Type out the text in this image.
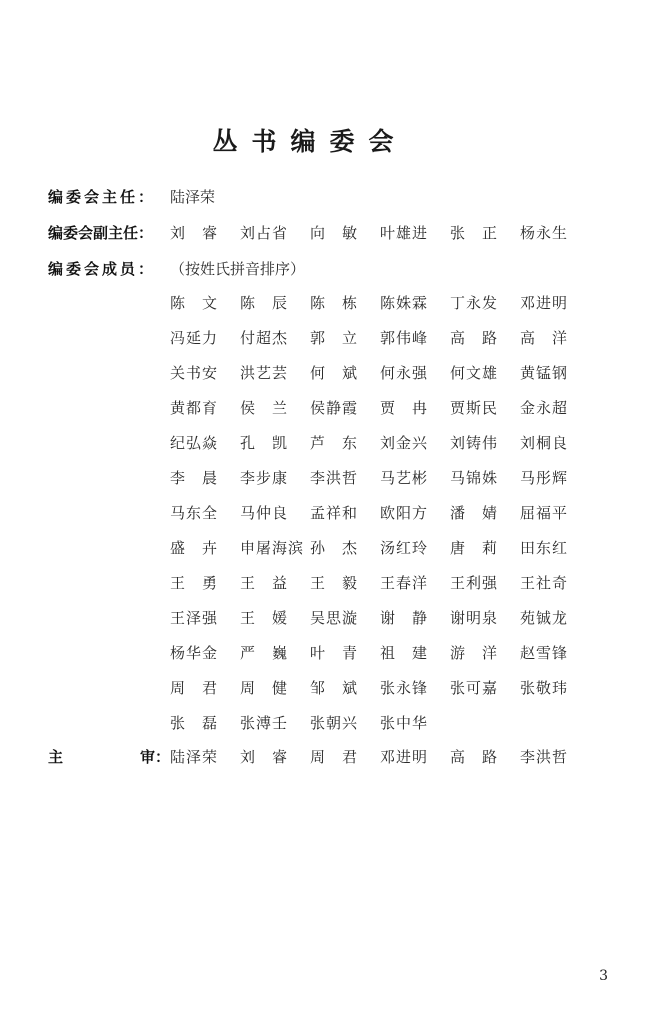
丛书编委会
编委会主任： 陆泽荣
编委会副主任：	刘　睿	刘占省	向　敏	叶雄进	张　正	杨永生
编委会成员： （按姓氏拼音排序）
陈　文	陈　辰	陈　栋	陈姝霖	丁永发	邓进明
冯延力	付超杰	郭　立	郭伟峰	高　路	高　洋
关书安	洪艺芸	何　斌	何永强	何文雄	黄锰钢
黄都育	侯　兰	侯静霞	贾　冉	贾斯民	金永超
纪弘焱	孔　凯	芦　东	刘金兴	刘铸伟	刘桐良
李　晨	李步康	李洪哲	马艺彬	马锦姝	马彤辉
马东全	马仲良	孟祥和	欧阳方	潘　婧	屈福平
盛　卉	申屠海滨 孙　杰	汤红玲	唐　莉	田东红
王　勇	王　益	王　毅	王春洋	王利强	王社奇
王泽强	王　媛	吴思漩	谢　静	谢明泉	苑铖龙
杨华金	严　巍	叶　青	祖　建	游　洋	赵雪锋
周　君	周　健	邹　斌	张永锋	张可嘉	张敬玮
张　磊	张溥壬	张朝兴	张中华
主	审： 陆泽荣	刘　睿	周　君	邓进明	高　路	李洪哲
3
